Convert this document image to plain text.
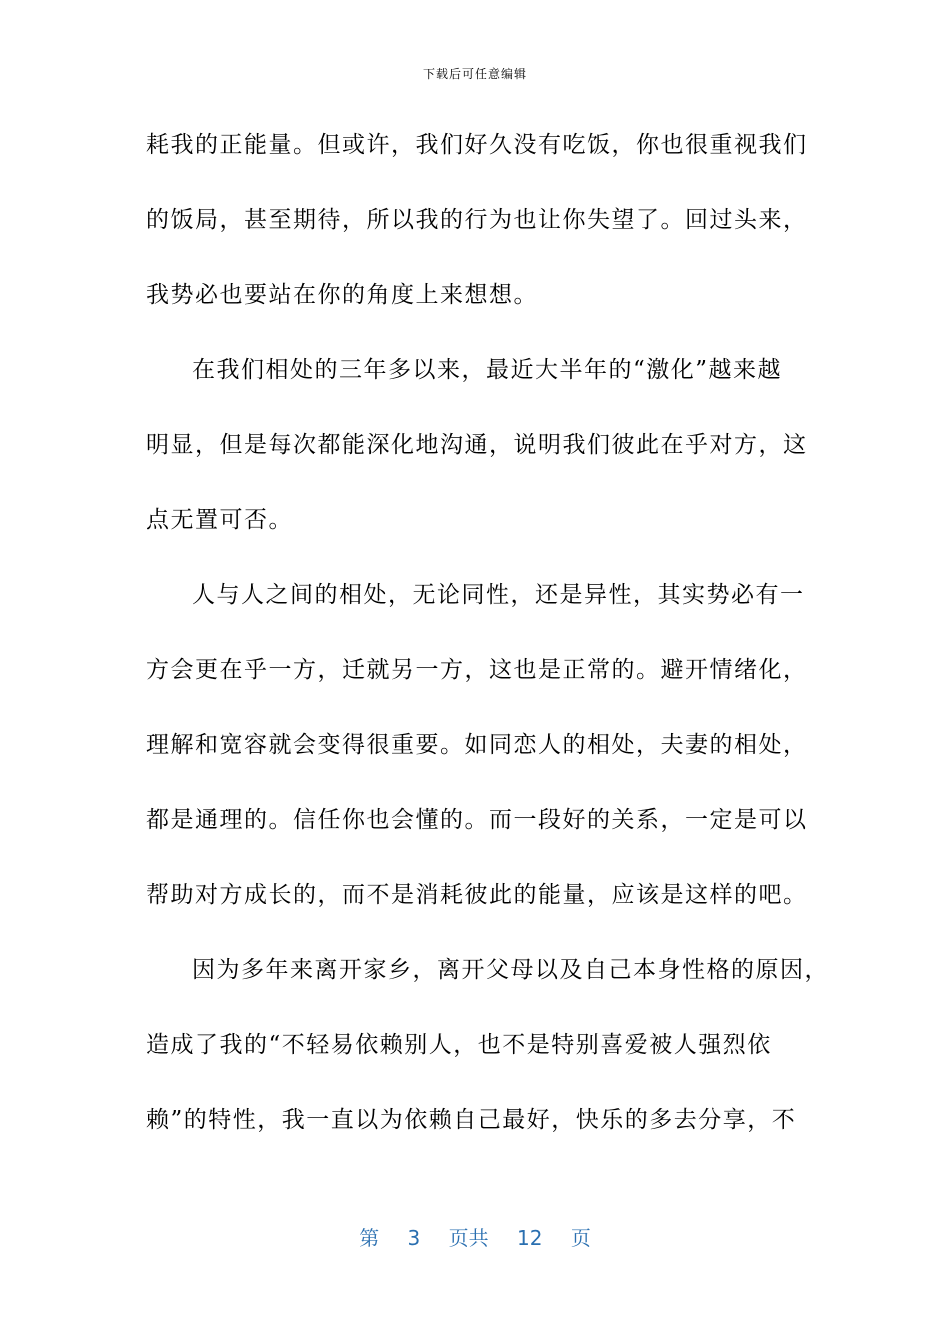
下载后可任意编辑
耗我的正能量。但或许，我们好久没有吃饭，你也很重视我们
的饭局，甚至期待，所以我的行为也让你失望了。回过头来，
我势必也要站在你的角度上来想想。
在我们相处的三年多以来，最近大半年的“激化”越来越
明显，但是每次都能深化地沟通，说明我们彼此在乎对方，这
点无置可否。
人与人之间的相处，无论同性，还是异性，其实势必有一
方会更在乎一方，迁就另一方，这也是正常的。避开情绪化，
理解和宽容就会变得很重要。如同恋人的相处，夫妻的相处，
都是通理的。信任你也会懂的。而一段好的关系，一定是可以
帮助对方成长的，而不是消耗彼此的能量，应该是这样的吧。
因为多年来离开家乡，离开父母以及自己本身性格的原因，
造成了我的“不轻易依赖别人，也不是特别喜爱被人强烈依
赖”的特性，我一直以为依赖自己最好，快乐的多去分享，不
第 3 页共 12 页
